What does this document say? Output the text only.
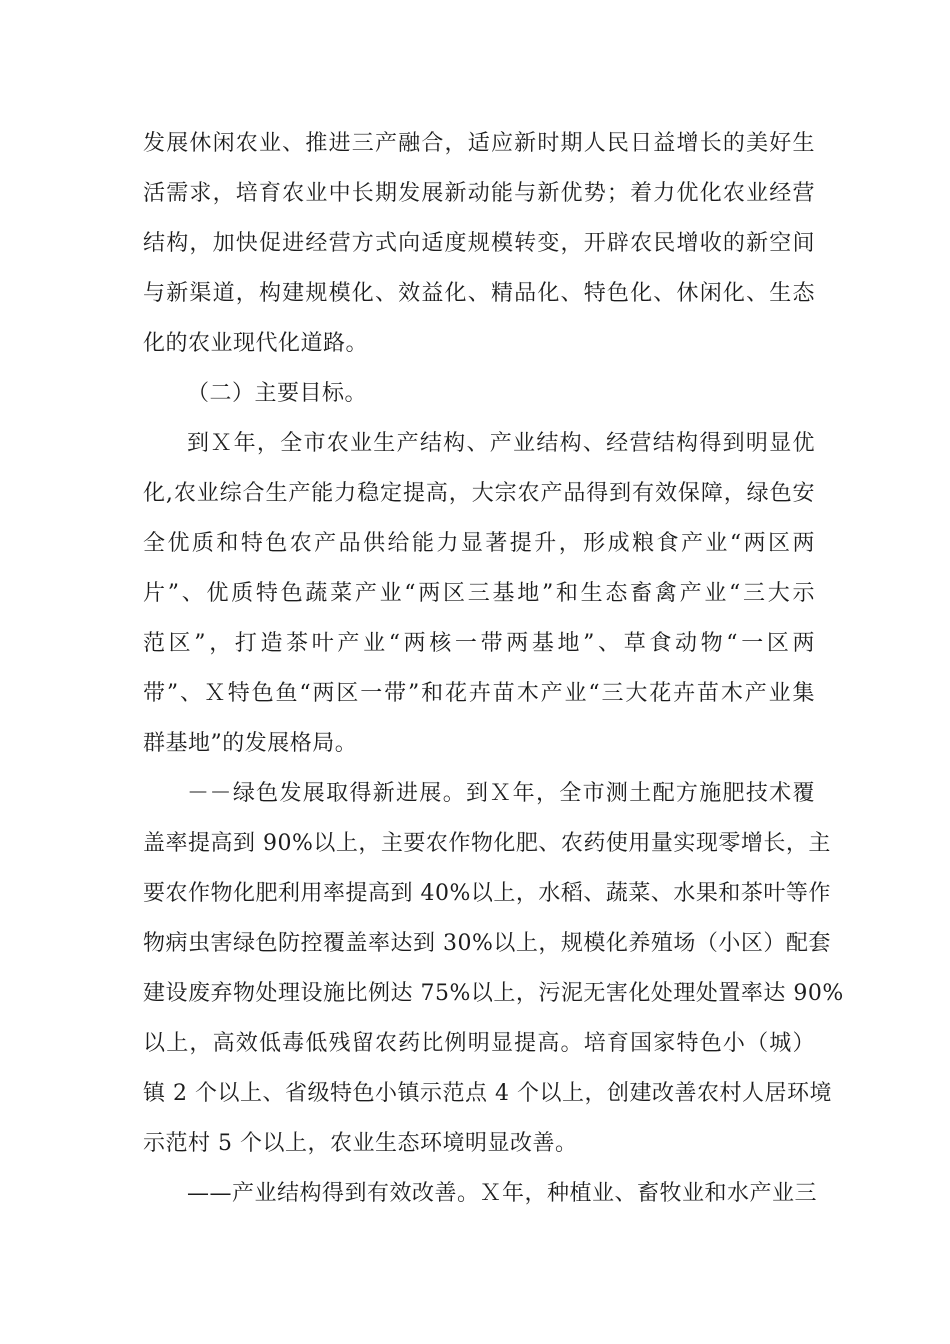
发展休闲农业、推进三产融合，适应新时期人民日益增长的美好生
活需求，培育农业中长期发展新动能与新优势；着力优化农业经营
结构，加快促进经营方式向适度规模转变，开辟农民增收的新空间
与新渠道，构建规模化、效益化、精品化、特色化、休闲化、生态
化的农业现代化道路。
（二）主要目标。
到Ｘ年，全市农业生产结构、产业结构、经营结构得到明显优
化,农业综合生产能力稳定提高，大宗农产品得到有效保障，绿色安
全优质和特色农产品供给能力显著提升，形成粮食产业“两区两
片”、优质特色蔬菜产业“两区三基地”和生态畜禽产业“三大示
范区”，打造茶叶产业“两核一带两基地”、草食动物“一区两
带”、Ｘ特色鱼“两区一带”和花卉苗木产业“三大花卉苗木产业集
群基地”的发展格局。
－－绿色发展取得新进展。到Ｘ年，全市测土配方施肥技术覆
盖率提高到 90%以上，主要农作物化肥、农药使用量实现零增长，主
要农作物化肥利用率提高到 40%以上，水稻、蔬菜、水果和茶叶等作
物病虫害绿色防控覆盖率达到 30%以上，规模化养殖场（小区）配套
建设废弃物处理设施比例达 75%以上，污泥无害化处理处置率达 90%
以上，高效低毒低残留农药比例明显提高。培育国家特色小（城）
镇 2 个以上、省级特色小镇示范点 4 个以上，创建改善农村人居环境
示范村 5 个以上，农业生态环境明显改善。
——产业结构得到有效改善。Ｘ年，种植业、畜牧业和水产业三
